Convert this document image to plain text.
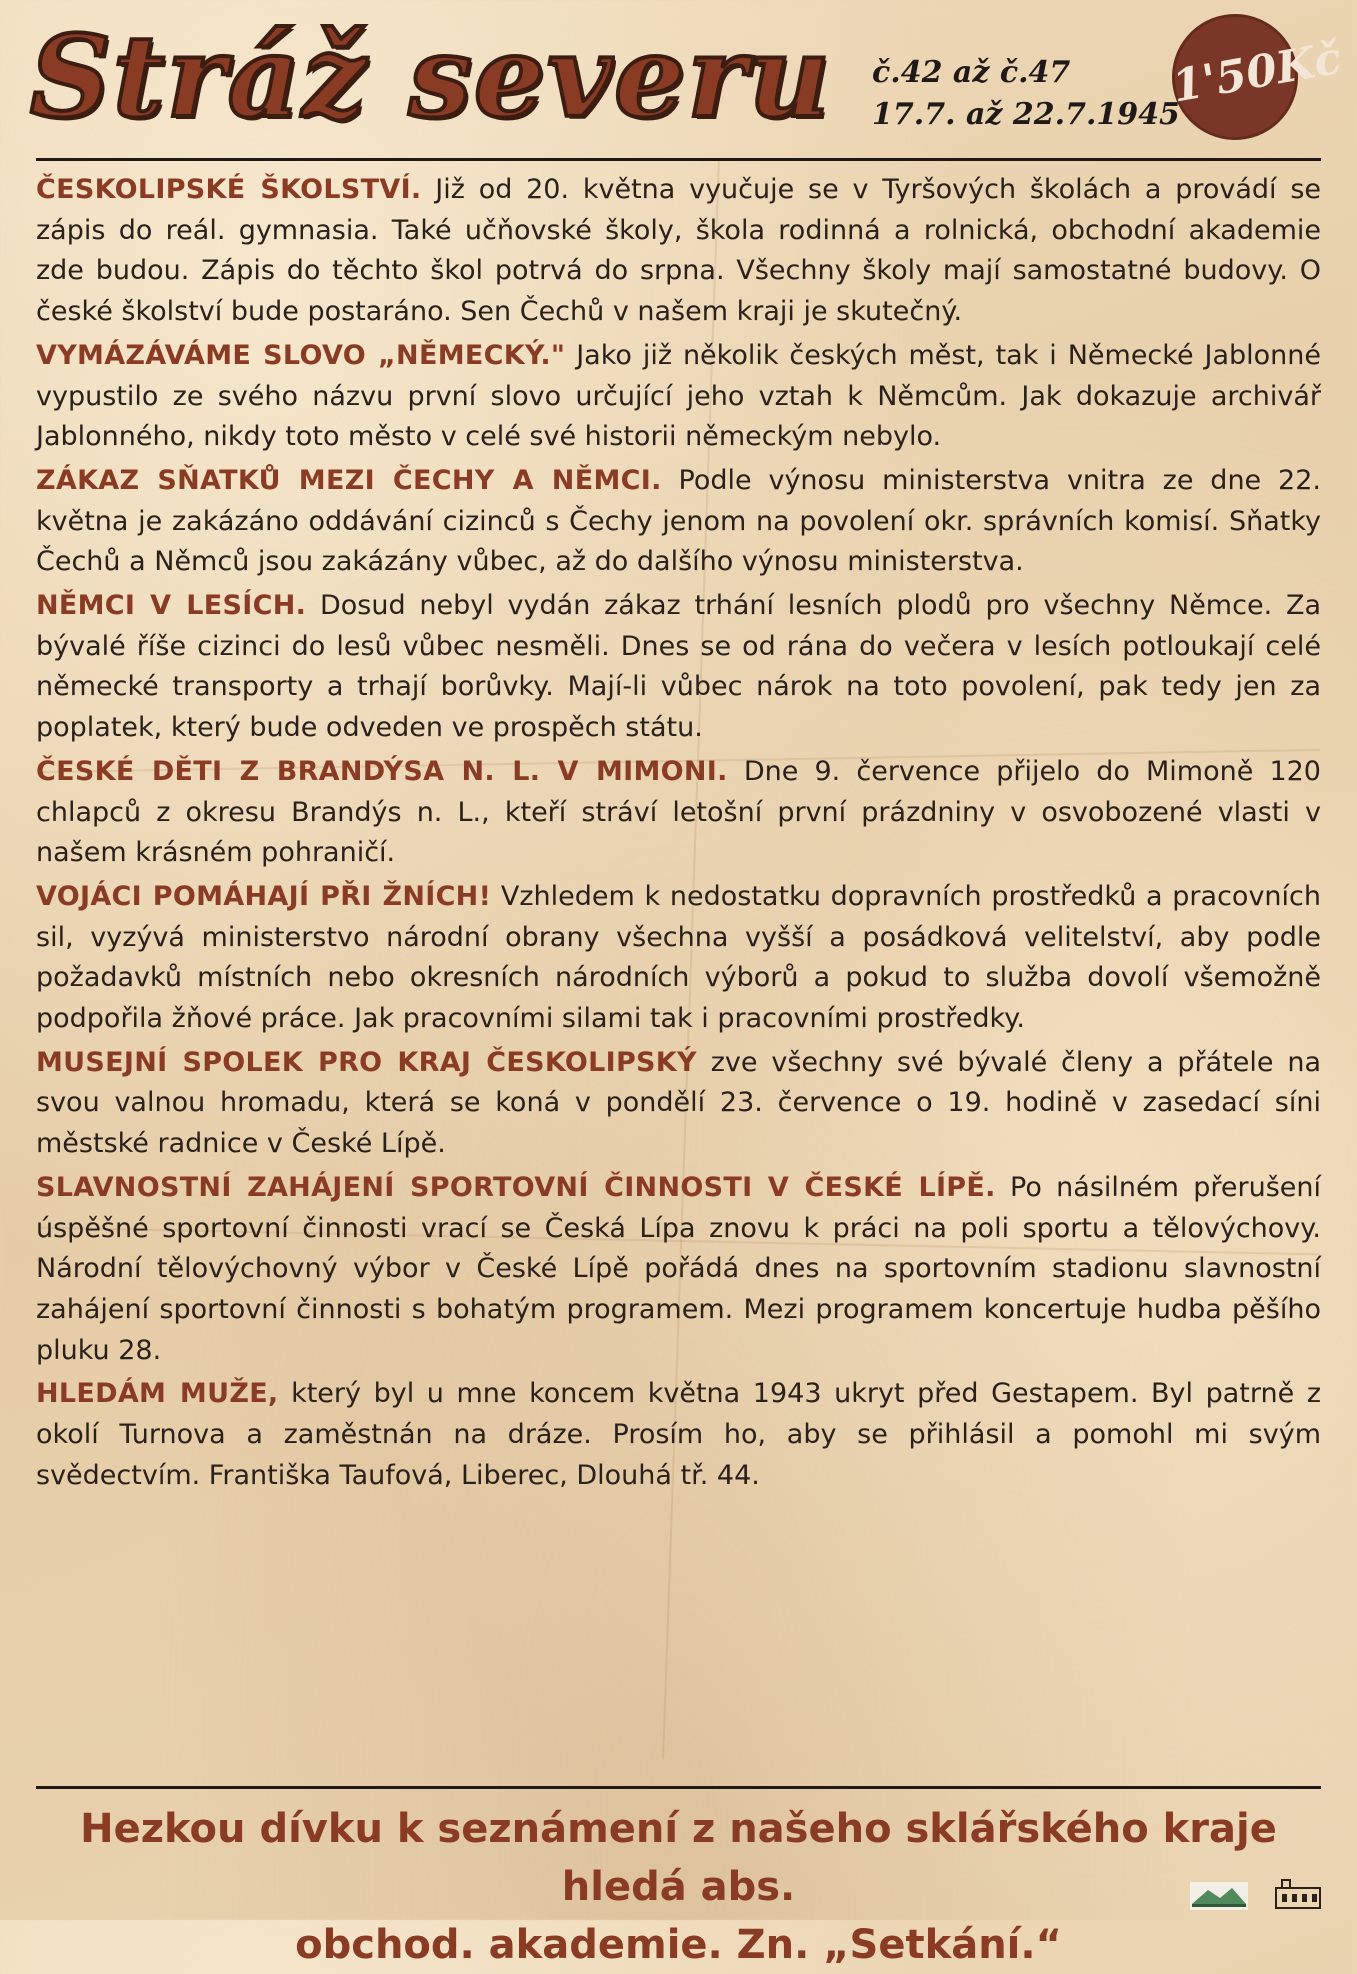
Stráž severu č.42 až č.47
17.7. až 22.7.1945
1'50Kč

ČESKOLIPSKÉ ŠKOLSTVÍ. Již od 20. května vyučuje se v Tyršových školách a provádí se zápis do reál. gymnasia. Také učňovské školy, škola rodinná a rolnická, obchodní akademie zde budou. Zápis do těchto škol potrvá do srpna. Všechny školy mají samostatné budovy. O české školství bude postaráno. Sen Čechů v našem kraji je skutečný.

VYMÁZÁVÁME SLOVO „NĚMECKÝ." Jako již několik českých měst, tak i Německé Jablonné vypustilo ze svého názvu první slovo určující jeho vztah k Němcům. Jak dokazuje archivář Jablonného, nikdy toto město v celé své historii německým nebylo.

ZÁKAZ SŇATKŮ MEZI ČECHY A NĚMCI. Podle výnosu ministerstva vnitra ze dne 22. května je zakázáno oddávání cizinců s Čechy jenom na povolení okr. správních komisí. Sňatky Čechů a Němců jsou zakázány vůbec, až do dalšího výnosu ministerstva.

NĚMCI V LESÍCH. Dosud nebyl vydán zákaz trhání lesních plodů pro všechny Němce. Za bývalé říše cizinci do lesů vůbec nesměli. Dnes se od rána do večera v lesích potloukají celé německé transporty a trhají borůvky. Mají-li vůbec nárok na toto povolení, pak tedy jen za poplatek, který bude odveden ve prospěch státu.

ČESKÉ DĚTI Z BRANDÝSA N. L. V MIMONI. Dne 9. července přijelo do Mimoně 120 chlapců z okresu Brandýs n. L., kteří stráví letošní první prázdniny v osvobozené vlasti v našem krásném pohraničí.

VOJÁCI POMÁHAJÍ PŘI ŽNÍCH! Vzhledem k nedostatku dopravních prostředků a pracovních sil, vyzývá ministerstvo národní obrany všechna vyšší a posádková velitelství, aby podle požadavků místních nebo okresních národních výborů a pokud to služba dovolí všemožně podpořila žňové práce. Jak pracovními silami tak i pracovními prostředky.

MUSEJNÍ SPOLEK PRO KRAJ ČESKOLIPSKÝ zve všechny své bývalé členy a přátele na svou valnou hromadu, která se koná v pondělí 23. července o 19. hodině v zasedací síni městské radnice v České Lípě.

SLAVNOSTNÍ ZAHÁJENÍ SPORTOVNÍ ČINNOSTI V ČESKÉ LÍPĚ. Po násilném přerušení úspěšné sportovní činnosti vrací se Česká Lípa znovu k práci na poli sportu a tělovýchovy. Národní tělovýchovný výbor v České Lípě pořádá dnes na sportovním stadionu slavnostní zahájení sportovní činnosti s bohatým programem. Mezi programem koncertuje hudba pěšího pluku 28.

HLEDÁM MUŽE, který byl u mne koncem května 1943 ukryt před Gestapem. Byl patrně z okolí Turnova a zaměstnán na dráze. Prosím ho, aby se přihlásil a pomohl mi svým svědectvím. Františka Taufová, Liberec, Dlouhá tř. 44.

Hezkou dívku k seznámení z našeho sklářského kraje hledá abs.
obchod. akademie. Zn. „Setkání.“
